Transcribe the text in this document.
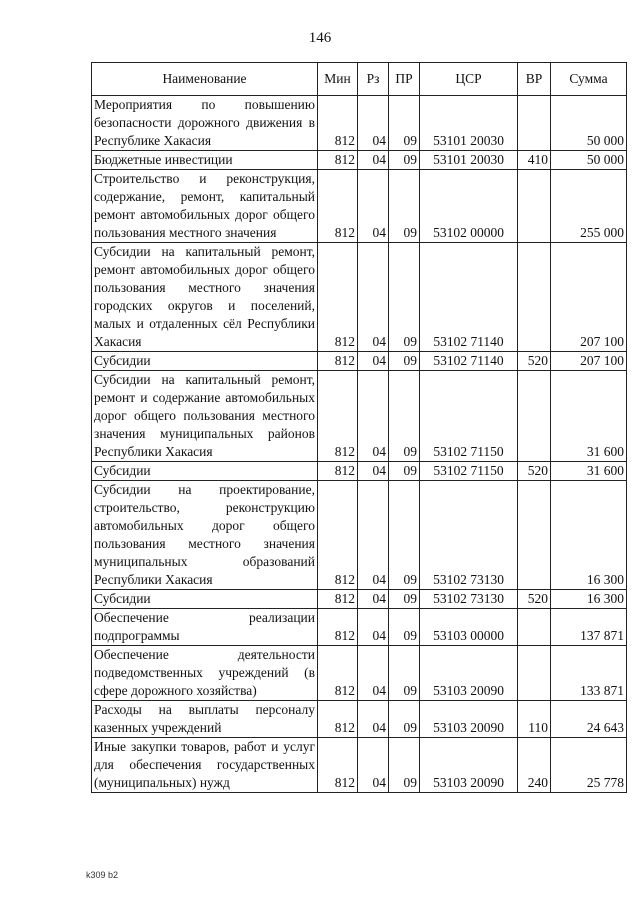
146
Наименование	Мин	Рз	ПР	ЦСР	ВР	Сумма
Мероприятия по повышению безопасности дорожного движения в Республике Хакасия	812	04	09	53101 20030		50 000
Бюджетные инвестиции	812	04	09	53101 20030	410	50 000
Строительство и реконструкция, содержание, ремонт, капитальный ремонт автомобильных дорог общего пользования местного значения	812	04	09	53102 00000		255 000
Субсидии на капитальный ремонт, ремонт автомобильных дорог общего пользования местного значения городских округов и поселений, малых и отдаленных сёл Республики Хакасия	812	04	09	53102 71140		207 100
Субсидии	812	04	09	53102 71140	520	207 100
Субсидии на капитальный ремонт, ремонт и содержание автомобильных дорог общего пользования местного значения муниципальных районов Республики Хакасия	812	04	09	53102 71150		31 600
Субсидии	812	04	09	53102 71150	520	31 600
Субсидии на проектирование, строительство, реконструкцию автомобильных дорог общего пользования местного значения муниципальных образований Республики Хакасия	812	04	09	53102 73130		16 300
Субсидии	812	04	09	53102 73130	520	16 300
Обеспечение реализации подпрограммы	812	04	09	53103 00000		137 871
Обеспечение деятельности подведомственных учреждений (в сфере дорожного хозяйства)	812	04	09	53103 20090		133 871
Расходы на выплаты персоналу казенных учреждений	812	04	09	53103 20090	110	24 643
Иные закупки товаров, работ и услуг для обеспечения государственных (муниципальных) нужд	812	04	09	53103 20090	240	25 778
k309 b2
